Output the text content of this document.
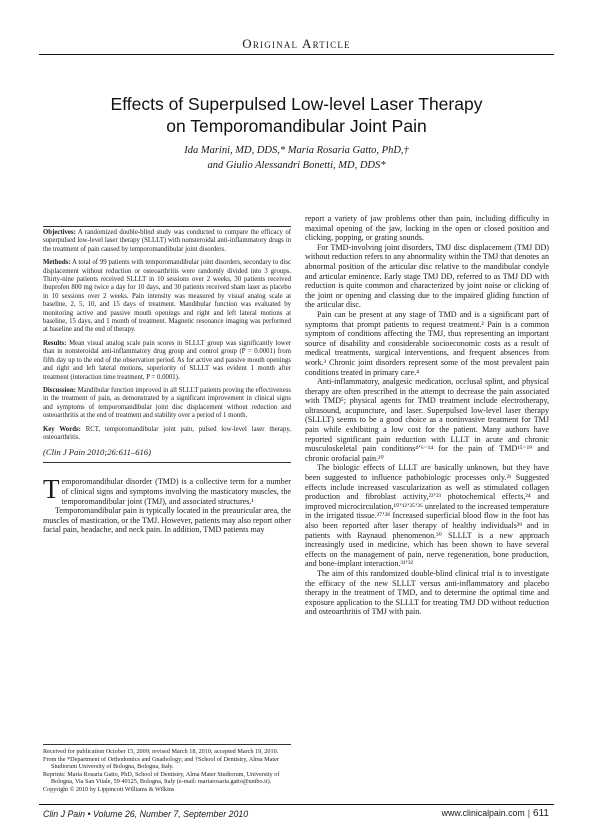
Original Article
Effects of Superpulsed Low-level Laser Therapy
on Temporomandibular Joint Pain
Ida Marini, MD, DDS,* Maria Rosaria Gatto, PhD,†
and Giulio Alessandri Bonetti, MD, DDS*

Objectives: A randomized double-blind study was conducted to compare the efficacy of superpulsed low-level laser therapy (SLLLT) with nonsteroidal anti-inflammatory drugs in the treatment of pain caused by temporomandibular joint disorders.

Methods: A total of 99 patients with temporomandibular joint disorders, secondary to disc displacement without reduction or osteoarthritis were randomly divided into 3 groups. Thirty-nine patients received SLLLT in 10 sessions over 2 weeks, 30 patients received ibuprofen 800 mg twice a day for 10 days, and 30 patients received sham laser as placebo in 10 sessions over 2 weeks. Pain intensity was measured by visual analog scale at baseline, 2, 5, 10, and 15 days of treatment. Mandibular function was evaluated by monitoring active and passive mouth openings and right and left lateral motions at baseline, 15 days, and 1 month of treatment. Magnetic resonance imaging was performed at baseline and the end of therapy.

Results: Mean visual analog scale pain scores in SLLLT group was significantly lower than in nonsteroidal anti-inflammatory drug group and control group (P = 0.0001) from fifth day up to the end of the observation period. As for active and passive mouth openings and right and left lateral motions, superiority of SLLLT was evident 1 month after treatment (interaction time treatment, P = 0.0001).

Discussion: Mandibular function improved in all SLLLT patients proving the effectiveness in the treatment of pain, as demonstrated by a significant improvement in clinical signs and symptoms of temporomandibular joint disc displacement without reduction and osteoarthritis at the end of treatment and stability over a period of 1 month.

Key Words: RCT, temporomandibular joint pain, pulsed low-level laser therapy, osteoarthritis.

(Clin J Pain 2010;26:611–616)

Temporomandibular disorder (TMD) is a collective term for a number of clinical signs and symptoms involving the masticatory muscles, the temporomandibular joint (TMJ), and associated structures.¹

Temporomandibular pain is typically located in the preauricular area, the muscles of mastication, or the TMJ. However, patients may also report other facial pain, headache, and neck pain. In addition, TMD patients may

Received for publication October 15, 2009; revised March 18, 2010; accepted March 19, 2010.

From the *Department of Orthodontics and Gnathology; and †School of Dentistry, Alma Mater Studiorum University of Bologna, Bologna, Italy.

Reprints: Maria Rosaria Gatto, PhD, School of Dentistry, Alma Mater Studiorum, University of Bologna, Via San Vitale, 59 40125, Bologna, Italy (e-mail: mariarosaria.gatto@unibo.it).

Copyright © 2010 by Lippincott Williams & Wilkins

report a variety of jaw problems other than pain, including difficulty in maximal opening of the jaw, locking in the open or closed position and clicking, popping, or grating sounds.

For TMD-involving joint disorders, TMJ disc displacement (TMJ DD) without reduction refers to any abnormality within the TMJ that denotes an abnormal position of the articular disc relative to the mandibular condyle and articular eminence. Early stage TMJ DD, referred to as TMJ DD with reduction is quite common and characterized by joint noise or clicking of the joint or opening and classing due to the impaired gliding function of the articular disc.

Pain can be present at any stage of TMD and is a significant part of symptoms that prompt patients to request treatment.² Pain is a common symptom of conditions affecting the TMJ, thus representing an important source of disability and considerable socioeconomic costs as a result of medical treatments, surgical interventions, and frequent absences from work.³ Chronic joint disorders represent some of the most prevalent pain conditions treated in primary care.⁴

Anti-inflammatory, analgesic medication, occlusal splint, and physical therapy are often prescribed in the attempt to decrease the pain associated with TMD⁵; physical agents for TMD treatment include electrotherapy, ultrasound, acupuncture, and laser. Superpulsed low-level laser therapy (SLLLT) seems to be a good choice as a noninvasive treatment for TMJ pain while exhibiting a low cost for the patient. Many authors have reported significant pain reduction with LLLT in acute and chronic musculoskeletal pain conditions⁴ʼ⁶⁻¹⁴ for the pain of TMD¹⁵⁻¹⁹ and chronic orofacial pain.²⁰

The biologic effects of LLLT are basically unknown, but they have been suggested to influence pathobiologic processes only.²¹ Suggested effects include increased vascularization as well as stimulated collagen production and fibroblast activity,²²ʼ²³ photochemical effects,²⁴ and improved microcirculation,¹⁰ʼ¹²ʼ²⁵ʼ²⁶ unrelated to the increased temperature in the irrigated tissue.²⁷ʼ²⁸ Increased superficial blood flow in the foot has also been reported after laser therapy of healthy individuals²⁹ and in patients with Raynaud phenomenon.³⁰ SLLLT is a new approach increasingly used in medicine, which has been shown to have several effects on the management of pain, nerve regeneration, bone production, and bone-implant interaction.³¹ʼ³²

The aim of this randomized double-blind clinical trial is to investigate the efficacy of the new SLLLT versus anti-inflammatory and placebo therapy in the treatment of TMD, and to determine the optimal time and exposure application to the SLLLT for treating TMJ DD without reduction and osteoarthritis of TMJ with pain.

Clin J Pain • Volume 26, Number 7, September 2010	www.clinicalpain.com | 611
